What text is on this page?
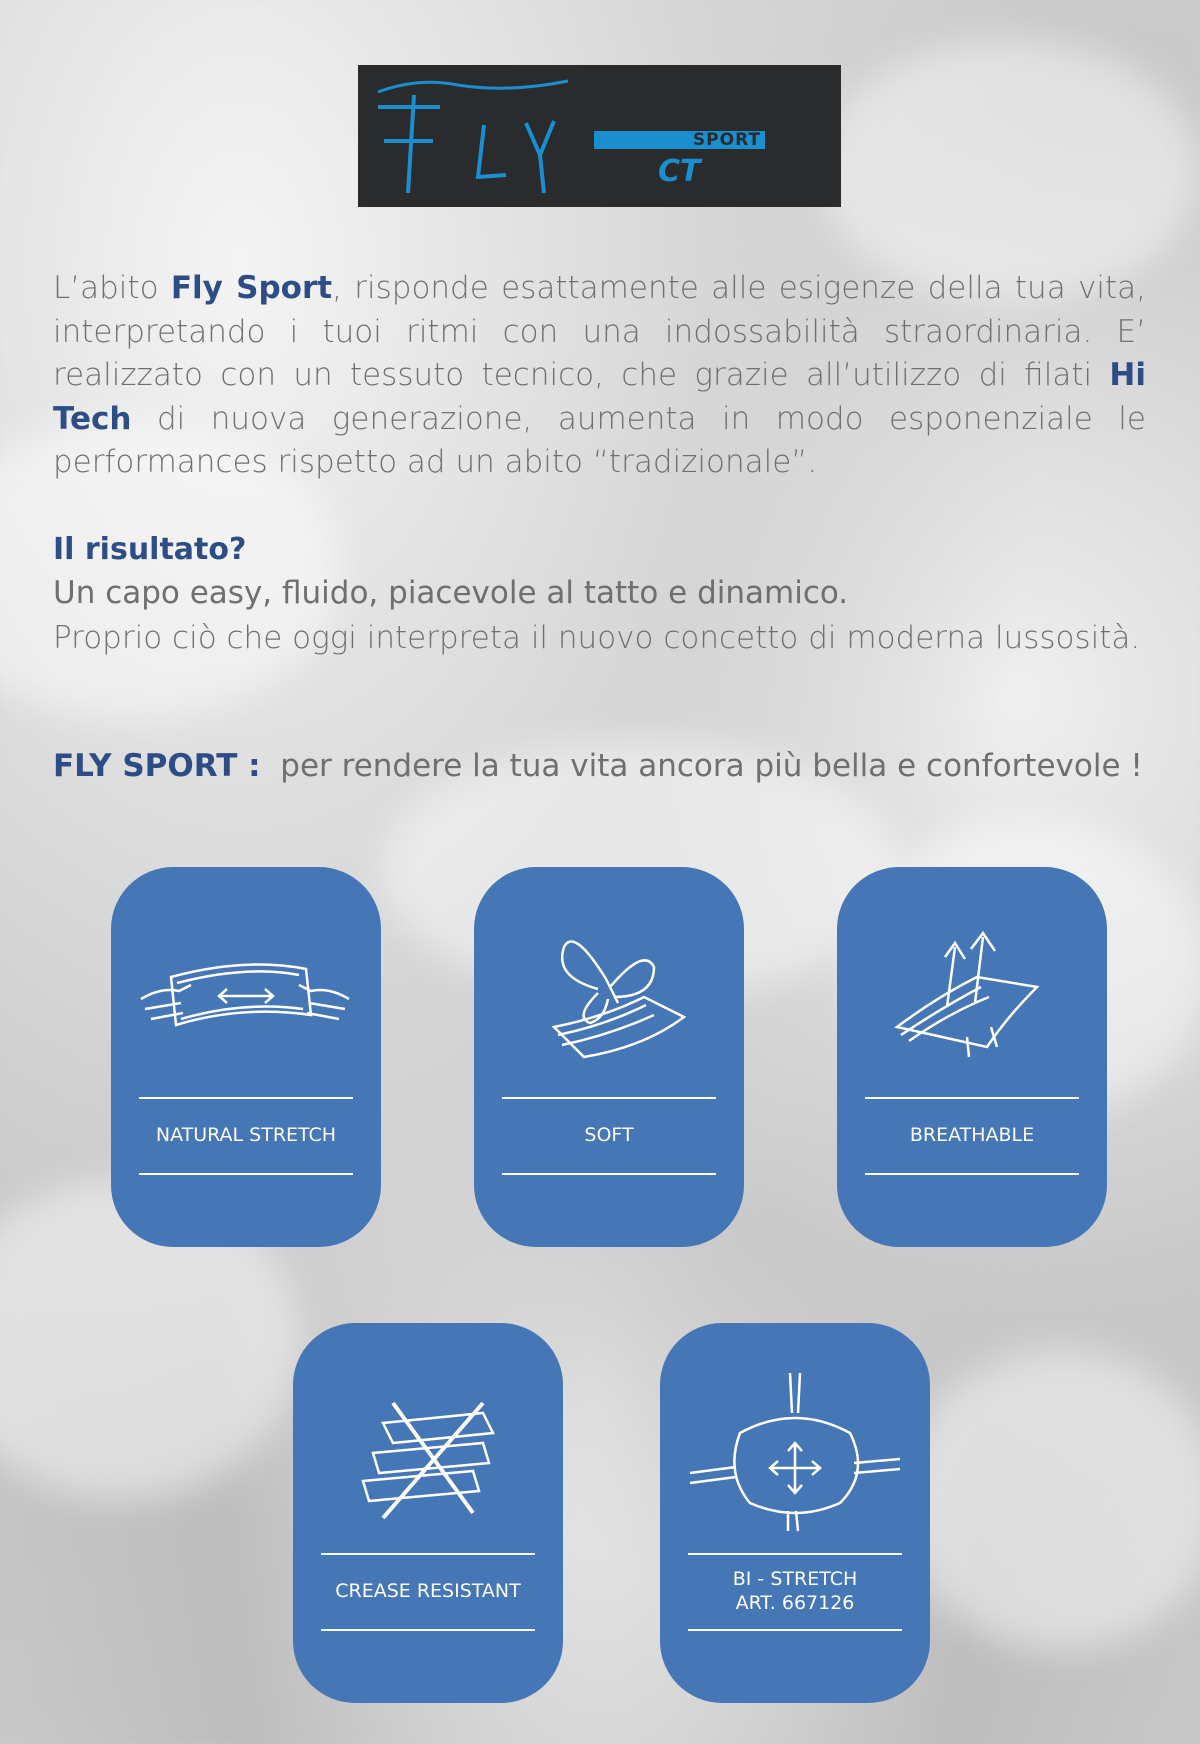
CT
SPORT

L’abito Fly Sport, risponde esattamente alle esigenze della tua vita, interpretando i tuoi ritmi con una indossabilità straordinaria. E’ realizzato con un tessuto tecnico, che grazie all’utilizzo di filati Hi Tech di nuova generazione, aumenta in modo esponenziale le performances rispetto ad un abito “tradizionale”.

Il risultato?

Un capo easy, fluido, piacevole al tatto e dinamico.

Proprio ciò che oggi interpreta il nuovo concetto di moderna lussosità.

FLY SPORT : per rendere la tua vita ancora più bella e confortevole !

NATURAL STRETCH	SOFT	BREATHABLE
CREASE RESISTANT
BI - STRETCH
ART. 667126
